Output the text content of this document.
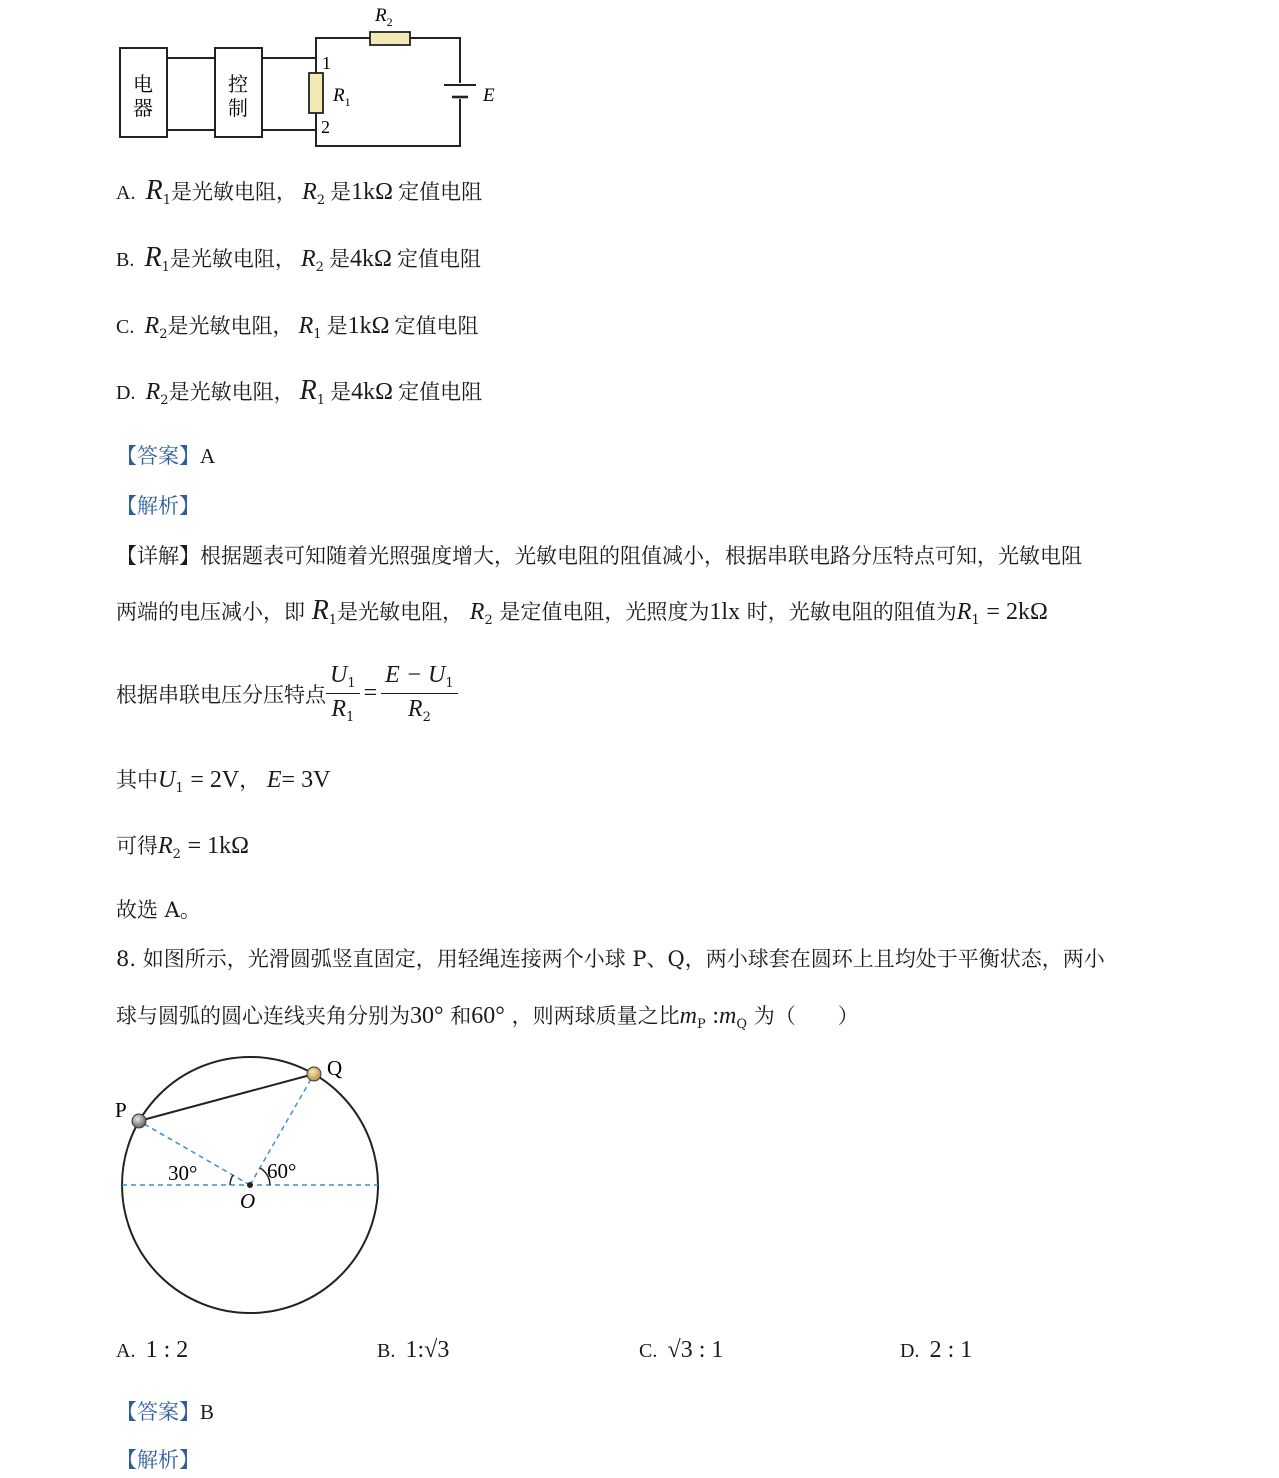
电
器
控
制
$R_2$
$R_1$
1
2
E
A. $R_1$是光敏电阻， $R_2$ 是1kΩ 定值电阻
B. $R_1$是光敏电阻， $R_2$ 是4kΩ 定值电阻
C. $R_2$是光敏电阻， $R_1$ 是1kΩ 定值电阻
D. $R_2$是光敏电阻， $R_1$ 是4kΩ 定值电阻
【答案】A
【解析】
【详解】根据题表可知随着光照强度增大，光敏电阻的阻值减小，根据串联电路分压特点可知，光敏电阻
两端的电压减小，即 $R_1$是光敏电阻， $R_2$ 是定值电阻，光照度为1lx 时，光敏电阻的阻值为$R_1 = 2k\Omega$
根据串联电压分压特点 $\frac{U_1}{R_1} = \frac{E - U_1}{R_2}$
其中$U_1 = 2V$， E= 3V
可得$R_2 = 1k\Omega$
故选 A。
8. 如图所示，光滑圆弧竖直固定，用轻绳连接两个小球 P、Q，两小球套在圆环上且均处于平衡状态，两小
球与圆弧的圆心连线夹角分别为30° 和60° ，则两球质量之比$m_P$ $:m_Q$ 为（　　）
P
Q
O
30°	60°
A. 1 : 2	B. 1:√3	C. √3 : 1	D. 2 : 1
【答案】B
【解析】
